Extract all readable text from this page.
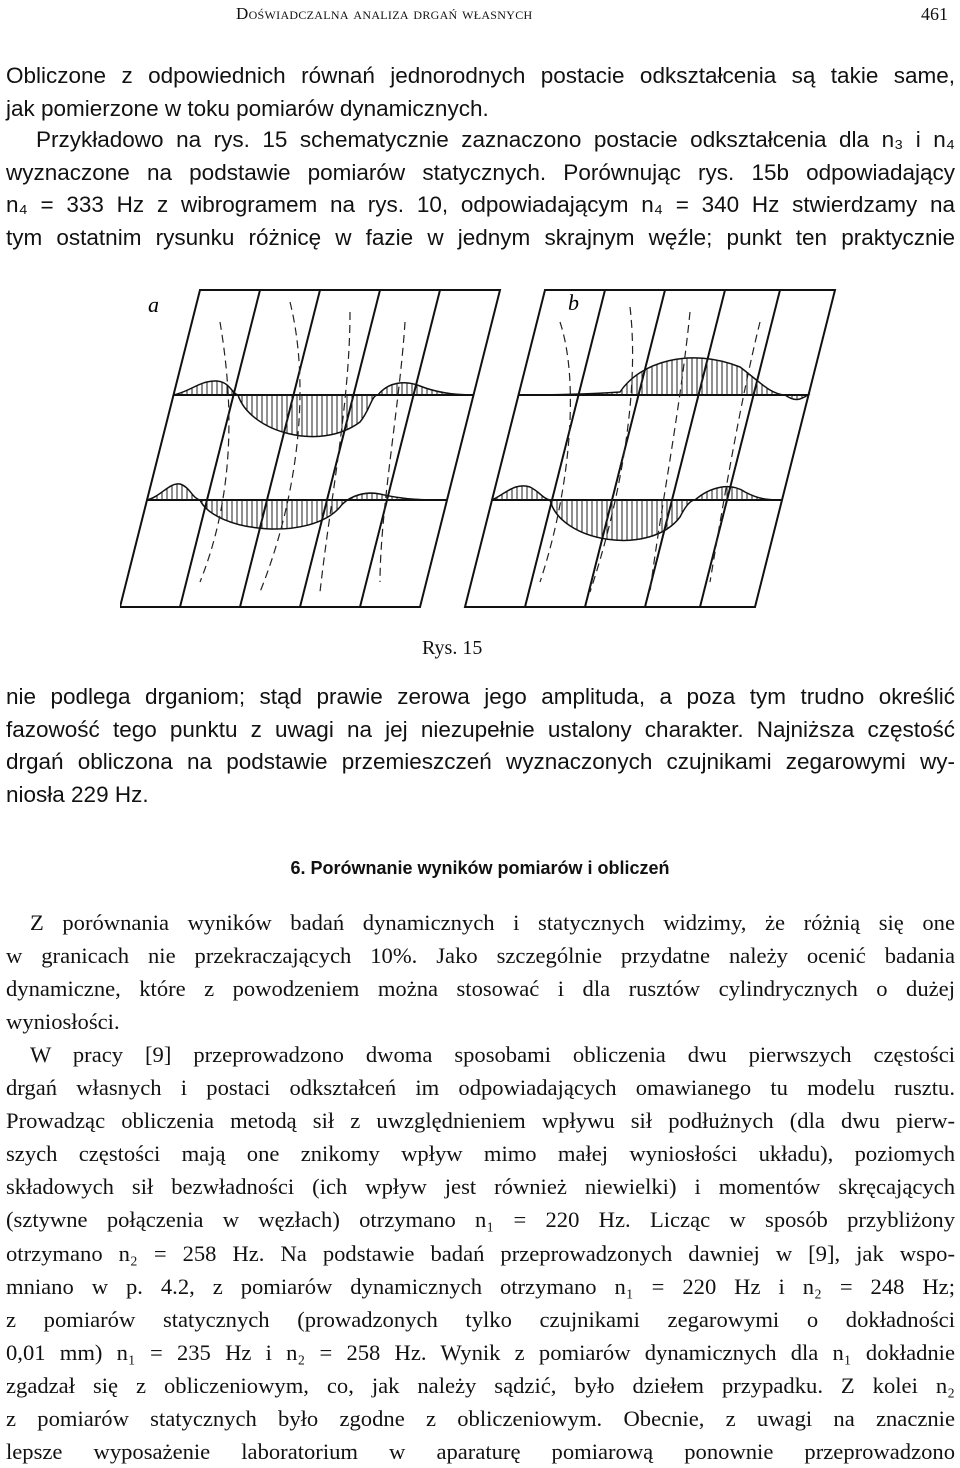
Doświadczalna analiza drgań własnych	461

Obliczone z odpowiednich równań jednorodnych postacie odkształcenia są takie same,
jak pomierzone w toku pomiarów dynamicznych.

Przykładowo na rys. 15 schematycznie zaznaczono postacie odkształcenia dla n₃ i n₄
wyznaczone na podstawie pomiarów statycznych. Porównując rys. 15b odpowiadający
n₄ = 333 Hz z wibrogramem na rys. 10, odpowiadającym n₄ = 340 Hz stwierdzamy na
tym ostatnim rysunku różnicę w fazie w jednym skrajnym węźle; punkt ten praktycznie

a	b
Rys. 15

nie podlega drganiom; stąd prawie zerowa jego amplituda, a poza tym trudno określić
fazowość tego punktu z uwagi na jej niezupełnie ustalony charakter. Najniższa częstość
drgań obliczona na podstawie przemieszczeń wyznaczonych czujnikami zegarowymi wy-
niosła 229 Hz.

6. Porównanie wyników pomiarów i obliczeń

Z porównania wyników badań dynamicznych i statycznych widzimy, że różnią się one
w granicach nie przekraczających 10%. Jako szczególnie przydatne należy ocenić badania
dynamiczne, które z powodzeniem można stosować i dla rusztów cylindrycznych o dużej
wyniosłości.

W pracy [9] przeprowadzono dwoma sposobami obliczenia dwu pierwszych częstości
drgań własnych i postaci odkształceń im odpowiadających omawianego tu modelu rusztu.
Prowadząc obliczenia metodą sił z uwzględnieniem wpływu sił podłużnych (dla dwu pierw-
szych częstości mają one znikomy wpływ mimo małej wyniosłości układu), poziomych
składowych sił bezwładności (ich wpływ jest również niewielki) i momentów skręcających
(sztywne połączenia w węzłach) otrzymano n₁ = 220 Hz. Licząc w sposób przybliżony
otrzymano n₂ = 258 Hz. Na podstawie badań przeprowadzonych dawniej w [9], jak wspo-
mniano w p. 4.2, z pomiarów dynamicznych otrzymano n₁ = 220 Hz i n₂ = 248 Hz;
z pomiarów statycznych (prowadzonych tylko czujnikami zegarowymi o dokładności
0,01 mm) n₁ = 235 Hz i n₂ = 258 Hz. Wynik z pomiarów dynamicznych dla n₁ dokładnie
zgadzał się z obliczeniowym, co, jak należy sądzić, było dziełem przypadku. Z kolei n₂
z pomiarów statycznych było zgodne z obliczeniowym. Obecnie, z uwagi na znacznie
lepsze wyposażenie laboratorium w aparaturę pomiarową ponownie przeprowadzono
